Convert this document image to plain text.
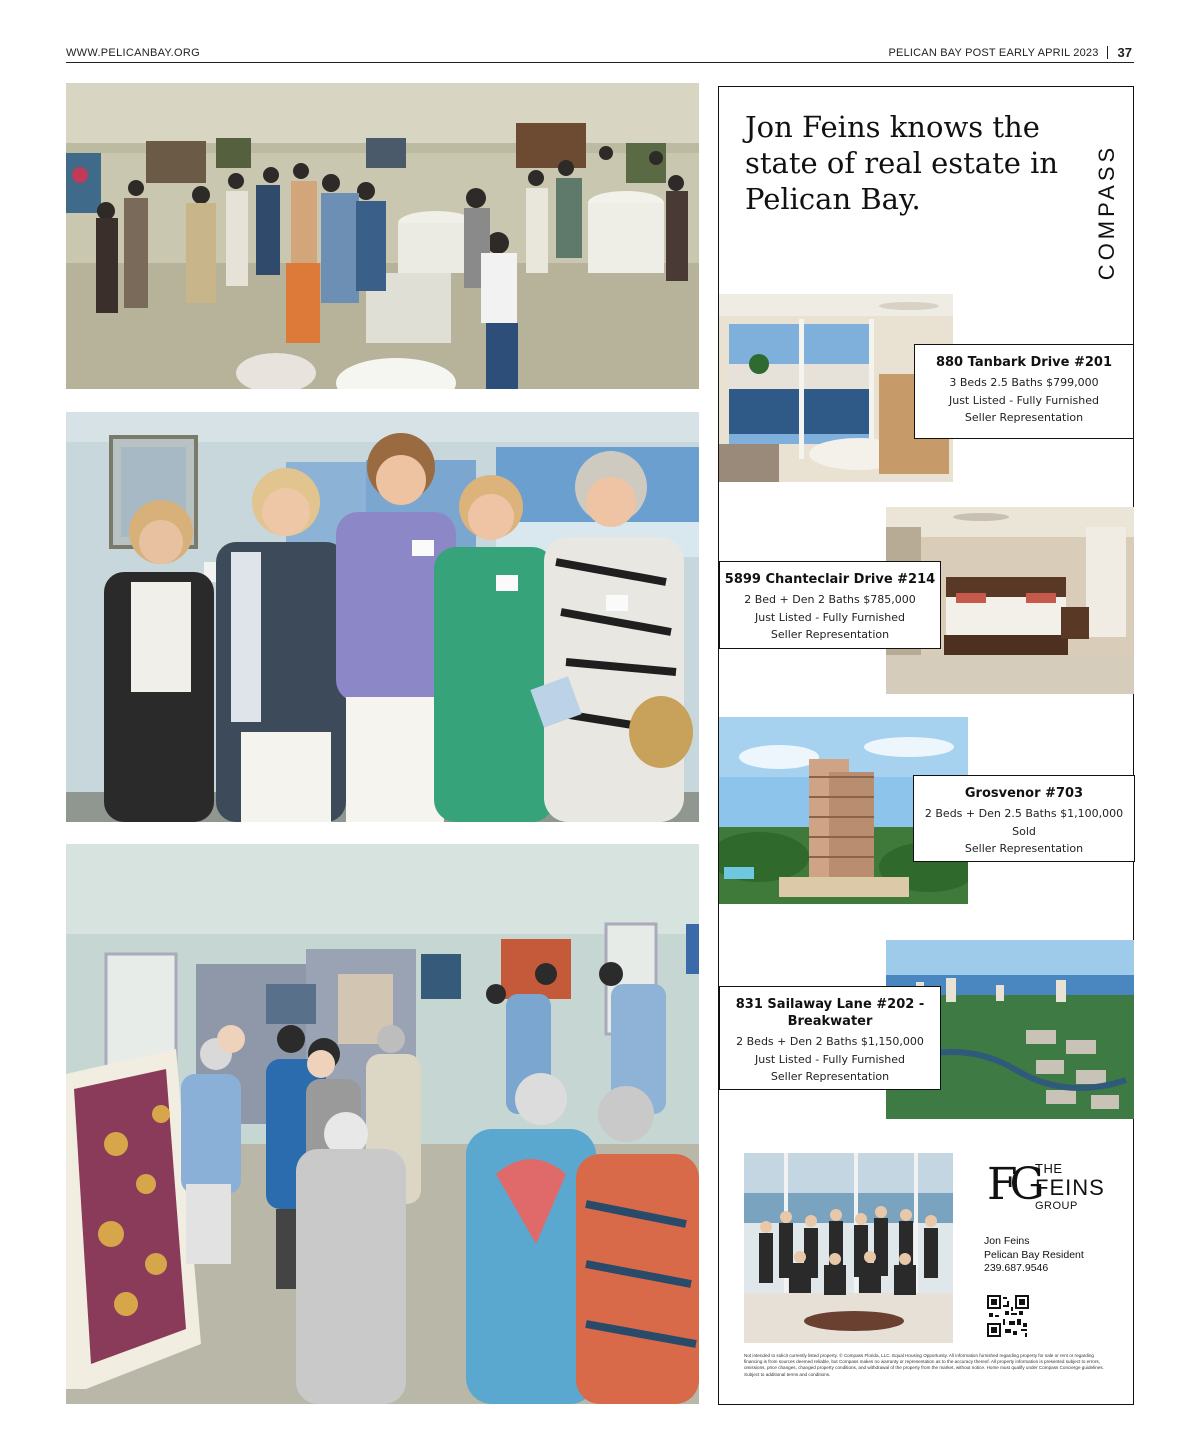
WWW.PELICANBAY.ORG	PELICAN BAY POST EARLY APRIL 2023 37
Jon Feins knows the state of real estate in Pelican Bay.	COMPASS
880 Tanbark Drive #201
3 Beds 2.5 Baths $799,000
Just Listed - Fully Furnished
Seller Representation
5899 Chanteclair Drive #214
2 Bed + Den 2 Baths $785,000
Just Listed - Fully Furnished
Seller Representation
Grosvenor #703
2 Beds + Den 2.5 Baths $1,100,000
Sold
Seller Representation
831 Sailaway Lane #202 - Breakwater
2 Beds + Den 2 Baths $1,150,000
Just Listed - Fully Furnished
Seller Representation
FG
THE
FEINS
GROUP
Jon Feins
Pelican Bay Resident
239.687.9546
Not intended to solicit currently listed property. © Compass Florida, LLC. Equal Housing Opportunity. All information furnished regarding property for sale or rent or regarding financing is from sources deemed reliable, but Compass makes no warranty or representation as to the accuracy thereof. All property information is presented subject to errors, omissions, price changes, changed property conditions, and withdrawal of the property from the market, without notice. Home must qualify under Compass Concierge guidelines. Subject to additional terms and conditions.
